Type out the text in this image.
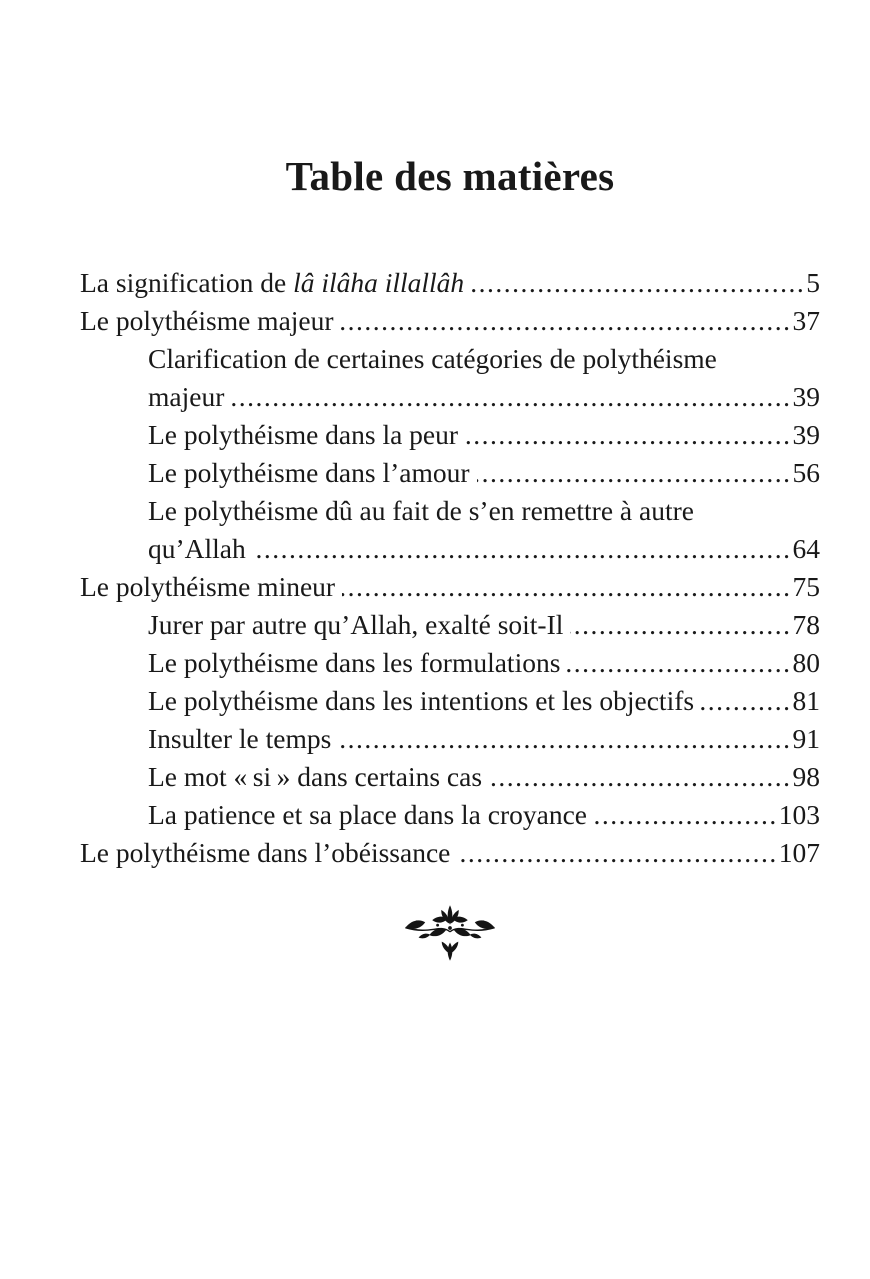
Table des matières
La signification de lâ ilâha illallâh .....	5
Le polythéisme majeur .....	37
Clarification de certaines catégories de polythéisme
majeur .....	39
Le polythéisme dans la peur .....	39
Le polythéisme dans l’amour .....	56
Le polythéisme dû au fait de s’en remettre à autre
qu’Allah .....	64
Le polythéisme mineur .....	75
Jurer par autre qu’Allah, exalté soit-Il .....	78
Le polythéisme dans les formulations .....	80
Le polythéisme dans les intentions et les objectifs .....	81
Insulter le temps .....	91
Le mot « si » dans certains cas .....	98
La patience et sa place dans la croyance .....	103
Le polythéisme dans l’obéissance .....	107
